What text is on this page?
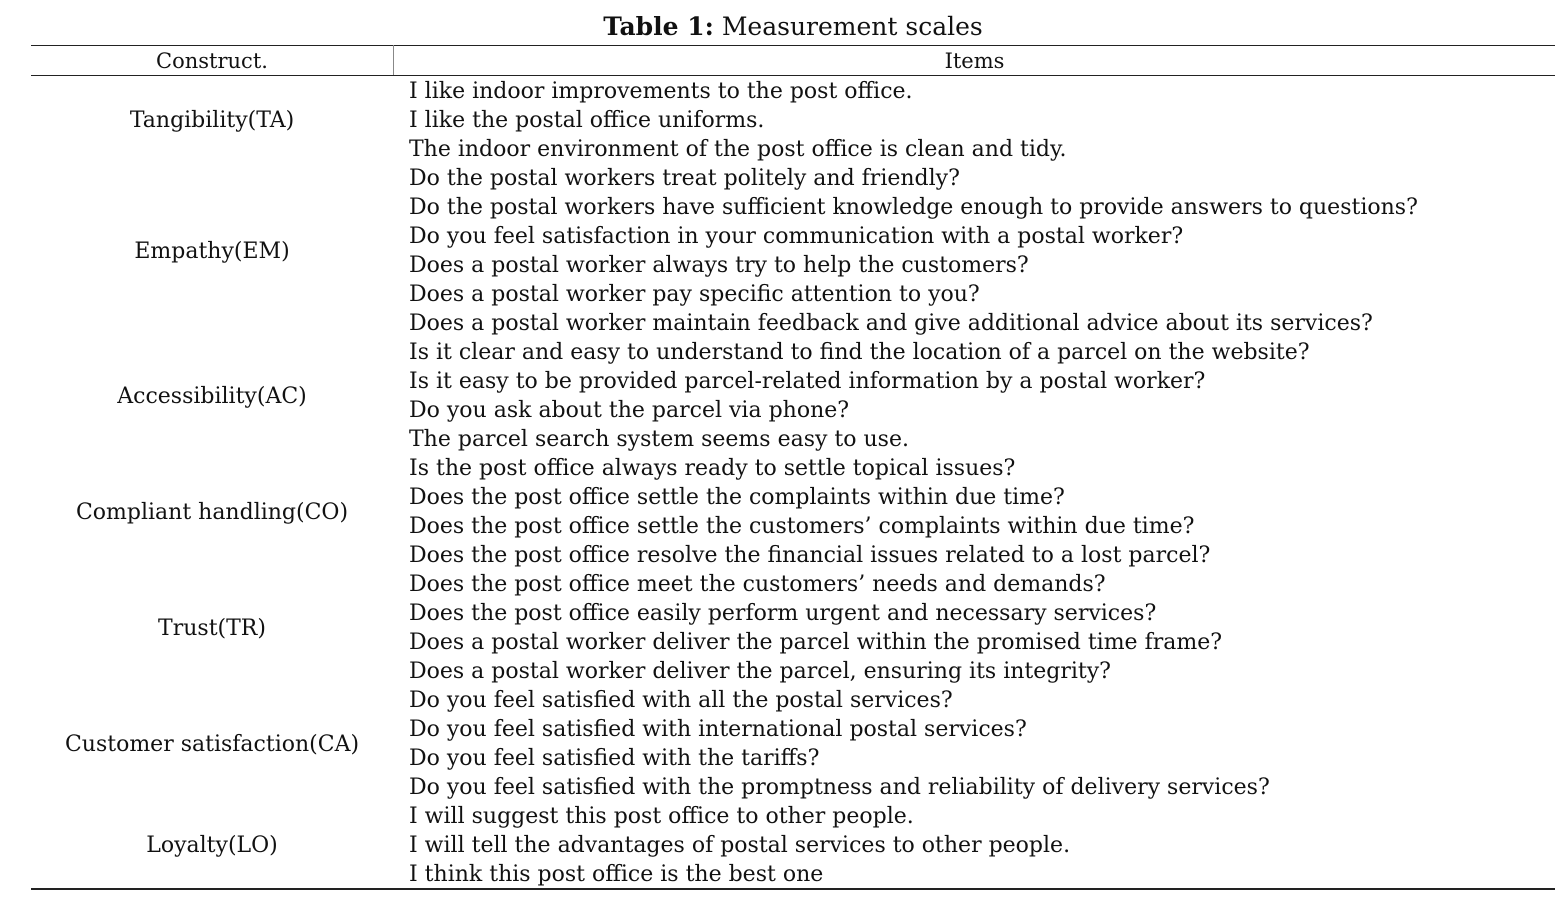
Table 1: Measurement scales
Construct.	Items
Tangibility(TA)
I like indoor improvements to the post office.
I like the postal office uniforms.
The indoor environment of the post office is clean and tidy.
Empathy(EM)
Do the postal workers treat politely and friendly?
Do the postal workers have sufficient knowledge enough to provide answers to questions?
Do you feel satisfaction in your communication with a postal worker?
Does a postal worker always try to help the customers?
Does a postal worker pay specific attention to you?
Does a postal worker maintain feedback and give additional advice about its services?
Accessibility(AC)
Is it clear and easy to understand to find the location of a parcel on the website?
Is it easy to be provided parcel-related information by a postal worker?
Do you ask about the parcel via phone?
The parcel search system seems easy to use.
Compliant handling(CO)
Is the post office always ready to settle topical issues?
Does the post office settle the complaints within due time?
Does the post office settle the customers’ complaints within due time?
Does the post office resolve the financial issues related to a lost parcel?
Trust(TR)
Does the post office meet the customers’ needs and demands?
Does the post office easily perform urgent and necessary services?
Does a postal worker deliver the parcel within the promised time frame?
Does a postal worker deliver the parcel, ensuring its integrity?
Customer satisfaction(CA)
Do you feel satisfied with all the postal services?
Do you feel satisfied with international postal services?
Do you feel satisfied with the tariffs?
Do you feel satisfied with the promptness and reliability of delivery services?
Loyalty(LO)
I will suggest this post office to other people.
I will tell the advantages of postal services to other people.
I think this post office is the best one
